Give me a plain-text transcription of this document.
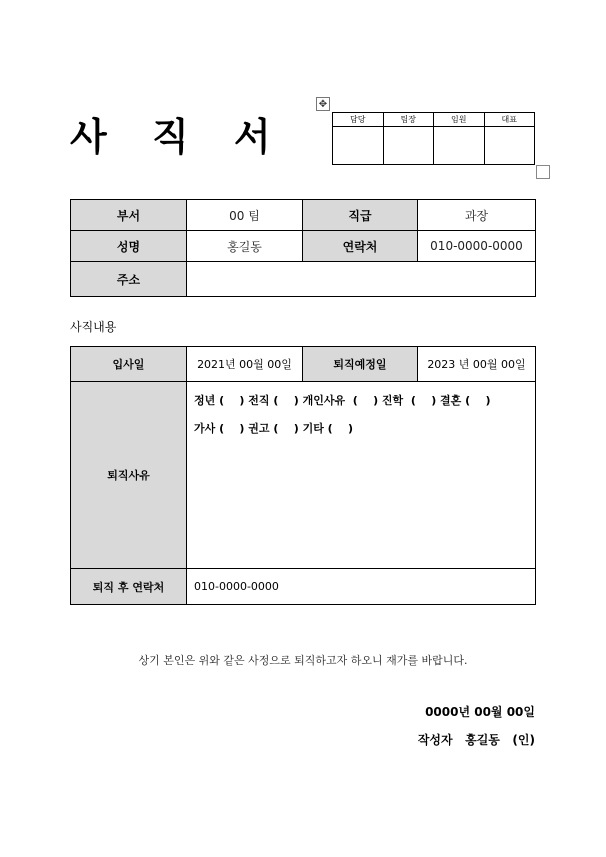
사 직 서
✥
담당	팀장	임원	대표

부서	00 팀	직급	과장
성명	홍길동	연락처	010-0000-0000
주소			
사직내용
입사일	2021년 00월 00일	퇴직예정일	2023 년 00월 00일
퇴직사유	정년 (    ) 전직 (    ) 개인사유  (    ) 진학  (    ) 결혼 (    )
가사 (    ) 권고 (    ) 기타 (    )		

퇴직 후 연락처	010-0000-0000		
상기 본인은 위와 같은 사정으로 퇴직하고자 하오니 재가를 바랍니다.
0000년 00월 00일
작성자   홍길동   (인)
